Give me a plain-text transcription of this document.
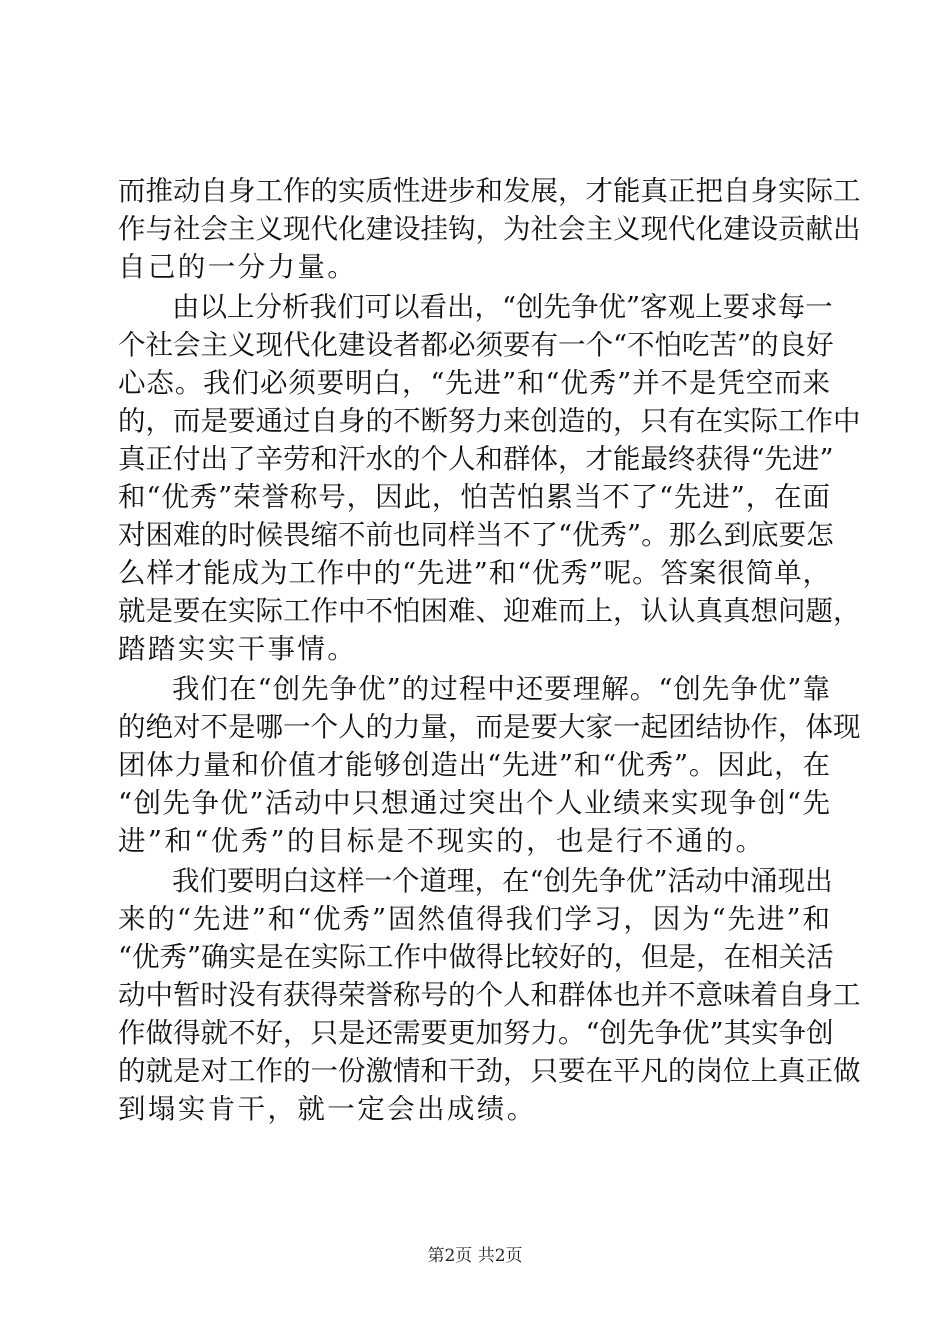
而推动自身工作的实质性进步和发展，才能真正把自身实际工
作与社会主义现代化建设挂钩，为社会主义现代化建设贡献出
自己的一分力量。
由以上分析我们可以看出，“创先争优”客观上要求每一
个社会主义现代化建设者都必须要有一个“不怕吃苦”的良好
心态。我们必须要明白，“先进”和“优秀”并不是凭空而来
的，而是要通过自身的不断努力来创造的，只有在实际工作中
真正付出了辛劳和汗水的个人和群体，才能最终获得“先进”
和“优秀”荣誉称号，因此，怕苦怕累当不了“先进”，在面
对困难的时候畏缩不前也同样当不了“优秀”。那么到底要怎
么样才能成为工作中的“先进”和“优秀”呢。答案很简单，
就是要在实际工作中不怕困难、迎难而上，认认真真想问题，
踏踏实实干事情。
我们在“创先争优”的过程中还要理解。“创先争优”靠
的绝对不是哪一个人的力量，而是要大家一起团结协作，体现
团体力量和价值才能够创造出“先进”和“优秀”。因此，在
“创先争优”活动中只想通过突出个人业绩来实现争创“先
进”和“优秀”的目标是不现实的，也是行不通的。
我们要明白这样一个道理，在“创先争优”活动中涌现出
来的“先进”和“优秀”固然值得我们学习，因为“先进”和
“优秀”确实是在实际工作中做得比较好的，但是，在相关活
动中暂时没有获得荣誉称号的个人和群体也并不意味着自身工
作做得就不好，只是还需要更加努力。“创先争优”其实争创
的就是对工作的一份激情和干劲，只要在平凡的岗位上真正做
到塌实肯干，就一定会出成绩。
第2页 共2页
